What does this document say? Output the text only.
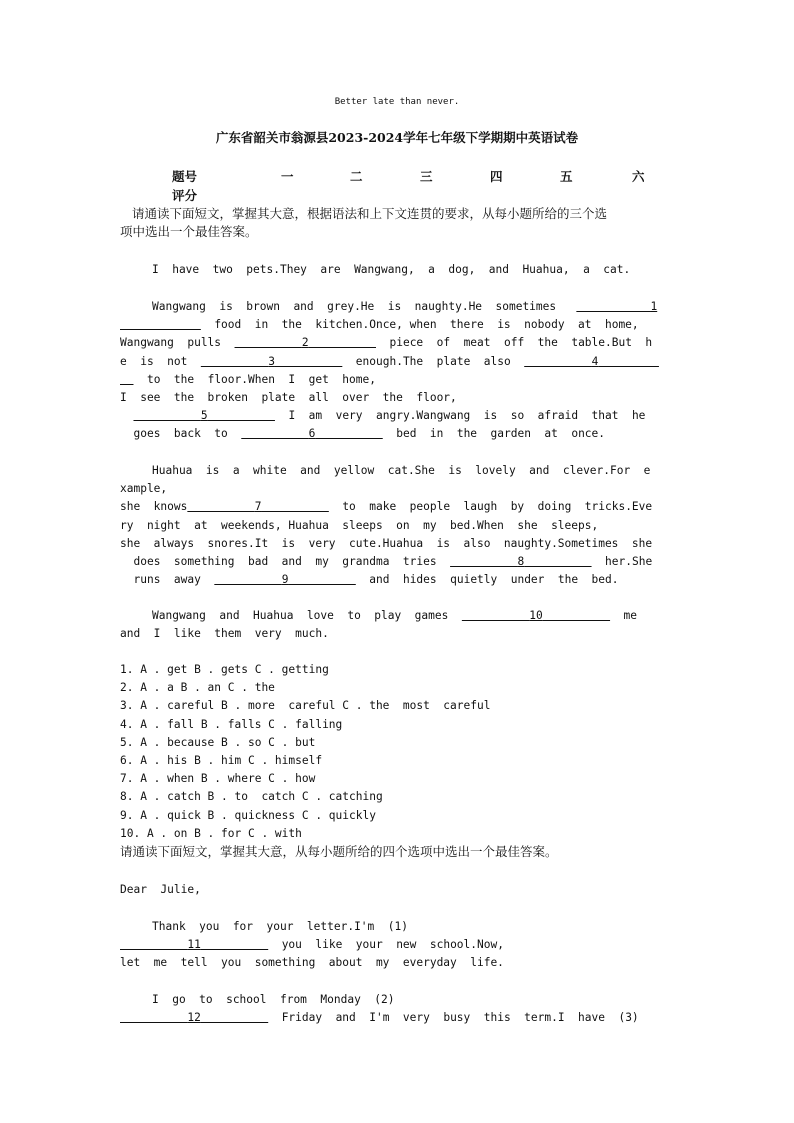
Better late than never.
广东省韶关市翁源县2023-2024学年七年级下学期期中英语试卷
题号	一	二	三	四	五	六
评分
请通读下面短文，掌握其大意，根据语法和上下文连贯的要求，从每小题所给的三个选
项中选出一个最佳答案。
I  have  two  pets.They  are  Wangwang,  a  dog,  and  Huahua,  a  cat.
Wangwang  is  brown  and  grey.He  is  naughty.He  sometimes	1
food  in  the  kitchen.Once, when  there  is  nobody  at  home,
Wangwang  pulls	2	piece  of  meat  off  the  table.But  h
e  is  not	3	enough.The  plate  also	4
to  the  floor.When  I  get  home,
I  see  the  broken  plate  all  over  the  floor,
5	I  am  very  angry.Wangwang  is  so  afraid  that  he
goes  back  to	6	bed  in  the  garden  at  once.
Huahua  is  a  white  and  yellow  cat.She  is  lovely  and  clever.For  e
xample,
she  knows	7	to  make  people  laugh  by  doing  tricks.Eve
ry  night  at  weekends, Huahua  sleeps  on  my  bed.When  she  sleeps,
she  always  snores.It  is  very  cute.Huahua  is  also  naughty.Sometimes  she
does  something  bad  and  my  grandma  tries	8	her.She
runs  away	9	and  hides  quietly  under  the  bed.
Wangwang  and  Huahua  love  to  play  games	10	me
and  I  like  them  very  much.
1. A . get B . gets C . getting
2. A . a B . an C . the
3. A . careful B . more  careful C . the  most  careful
4. A . fall B . falls C . falling
5. A . because B . so C . but
6. A . his B . him C . himself
7. A . when B . where C . how
8. A . catch B . to  catch C . catching
9. A . quick B . quickness C . quickly
10. A . on B . for C . with
请通读下面短文，掌握其大意，从每小题所给的四个选项中选出一个最佳答案。
Dear  Julie,
Thank  you  for  your  letter.I'm  (1)
11	you  like  your  new  school.Now,
let  me  tell  you  something  about  my  everyday  life.
I  go  to  school  from  Monday  (2)
12	Friday  and  I'm  very  busy  this  term.I  have  (3)
